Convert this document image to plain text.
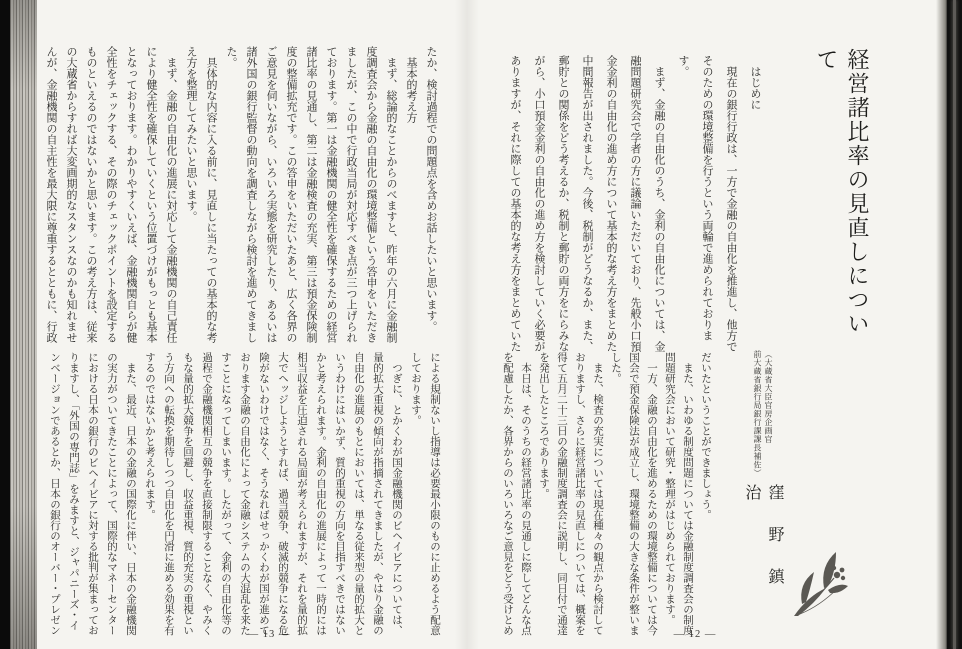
たか、検討過程での問題点を含めお話したいと思います。

　基本的考え方

　まず、総論的なことからのべますと、昨年の六月に金融制

度調査会から金融の自由化の環境整備という答申をいただき

ましたが、この中で行政当局が対応すべき点が三つ上げられ

ております。第一は金融機関の健全性を確保するための経営

諸比率の見通し、第二は金融検査の充実、第三は預金保険制

度の整備拡充です。この答申をいただいたあと、広く各界の

ご意見を伺いながら、いろいろ実態を研究したり、あるいは

諸外国の銀行監督の動向を調査しながら検討を進めてきまし

た。

　具体的な内容に入る前に、見直しに当たっての基本的な考

え方を整理してみたいと思います。

　まず、金融の自由化の進展に対応して金融機関の自己責任

により健全性を確保していくという位置づけがもっとも基本

となっております。わかりやすくいえば、金融機関自らが健

全性をチェックする、その際のチェックポイントを設定する

ものといえるのではないかと思います。この考え方は、従来

の大蔵省からすれば大変画期的なスタンスなのかも知れませ

んが、金融機関の自主性を最大限に尊重するとともに、行政

による規制ないし指導は必要最小限のものに止めるよう配意

しております。

　つぎに、とかくわが国金融機関のビヘイビアについては、

量的拡大重視の傾向が指摘されてきましたが、やはり金融の

自由化の進展のもとにおいては、単なる従来型の量的拡大と

いうわけにはいかず、質的重視の方向を目指すべきではない

かと考えられます。金利の自由化の進展によって一時的には

相当収益を圧迫される局面が考えられますが、それを量的拡

大でヘッジしようとすれば、過当競争、破滅的競争になる危

険がないわけではなく、そうなればせっかくわが国が進めて

おります金融の自由化によって金融システムの大混乱を来た

すことになってしまいます。したがって、金利の自由化等の

過程で金融機関相互の競争を直接制限することなく、やみく

もな量的拡大競争を回避し、収益重視、質的充実の重視とい

う方向への転換を期待しつつ自由化を円滑に進める効果を有

するのではないかと考えられます。

　また、最近、日本の金融の国際化に伴い、日本の金融機関

の実力がついてきたことによって、国際的なマネーセンター

における日本の銀行のビヘイビアに対する批判が集まってお

りますし、「外国の専門誌」をみますと、ジャパニーズ・イ

ンベージョンであるとか、日本の銀行のオーバー・プレゼン	— 13 —
経営諸比率の見直しについて

（大蔵省大臣官房企画官

前大蔵省銀行局銀行課課長補佐）

窪野鎮治

　はじめに

　現在の銀行行政は、一方で金融の自由化を推進し、他方で

そのための環境整備を行うという両輪で進められておりま

す。

　まず、金融の自由化のうち、金利の自由化については、金

融問題研究会で学者の方に議論いただいており、先般小口預

金金利の自由化の進め方について基本的な考え方をまとめた

中間報告が出されました。今後、税制がどうなるか、また、

郵貯との関係をどう考えるか、税制と郵貯の両方をにらみな

がら、小口預金金利の自由化の進め方を検討していく必要が

ありますが、それに際しての基本的な考え方をまとめていた

だいたということができましょう。

　また、いわゆる制度問題については金融制度調査会の制度

問題研究会において研究・整理がはじめられております。

　一方、金融の自由化を進めるための環境整備については今

国会で預金保険法が成立し、環境整備の大きな条件が整いま

した。

　また、検査の充実については現在種々の観点から検討して

おりますし、さらに経営諸比率の見直しについては、概案を

得て五月二十三日の金融制度調査会に説明し、同日付で通達

を発出したところであります。

　本日は、そのうちの経営諸比率の見通しに際してどんな点

を配慮したか、各界からのいろいろなご意見をどう受けとめ	— 12 —
